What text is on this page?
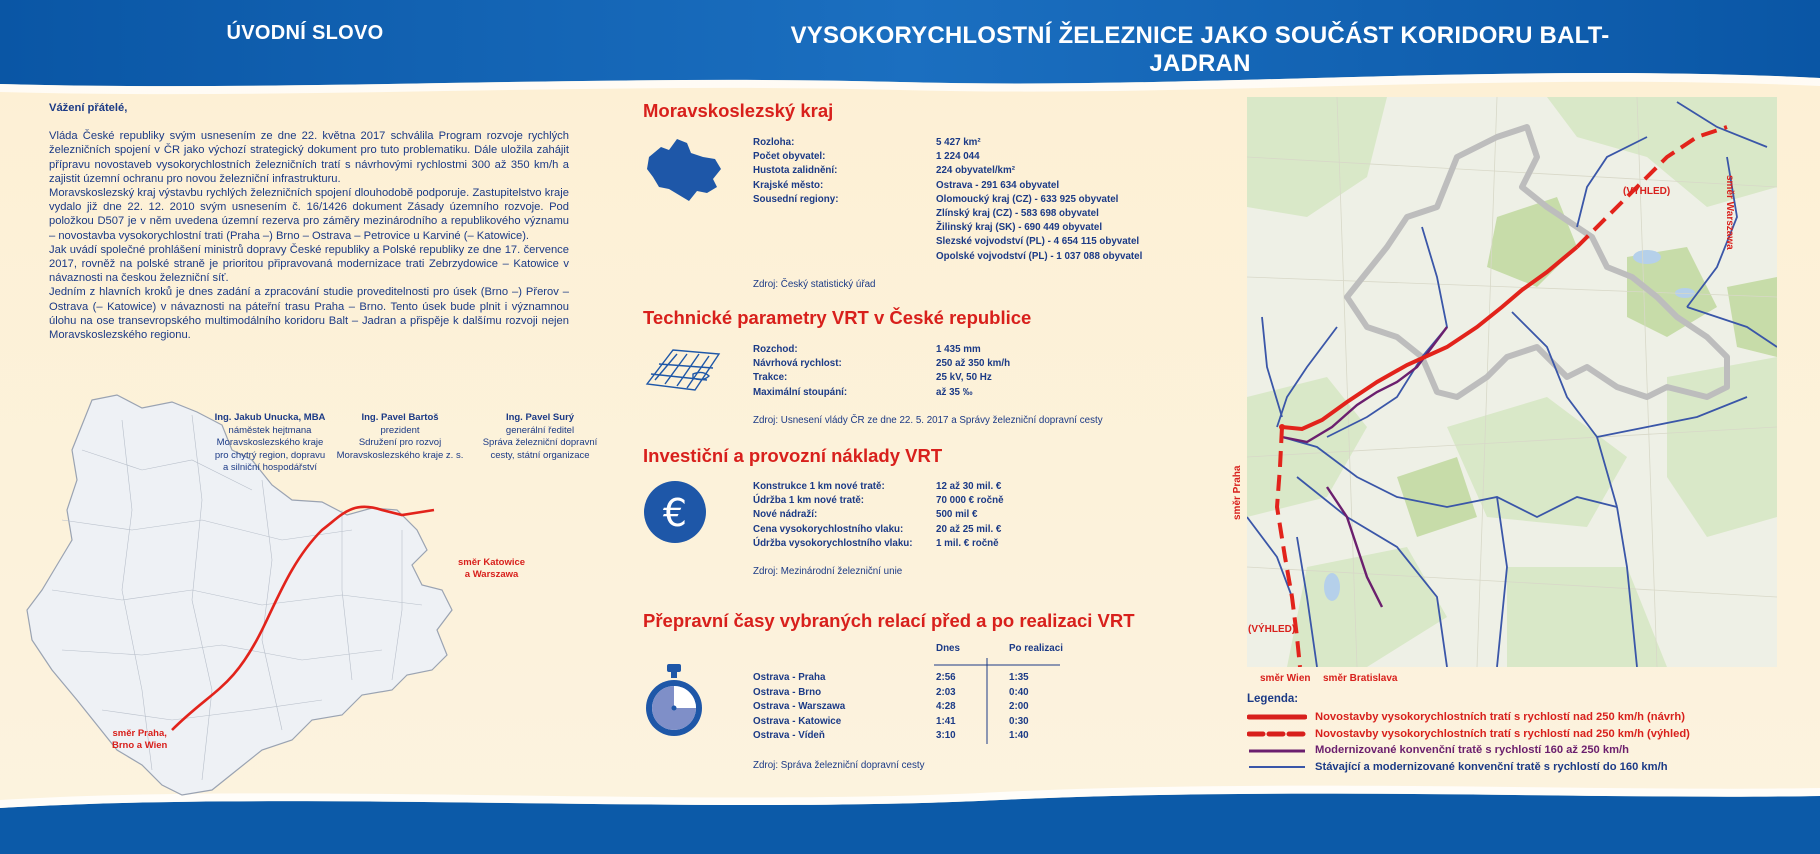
ÚVODNÍ SLOVO	VYSOKORYCHLOSTNÍ ŽELEZNICE JAKO SOUČÁST KORIDORU BALT-JADRAN
Vážení přátelé,

Vláda České republiky svým usnesením ze dne 22. května 2017 schválila Program rozvoje rychlých železničních spojení v ČR jako výchozí strategický dokument pro tuto problematiku. Dále uložila zahájit přípravu novostaveb vysokorychlostních železničních tratí s návrhovými rychlostmi 300 až 350 km/h a zajistit územní ochranu pro novou železniční infrastrukturu.

Moravskoslezský kraj výstavbu rychlých železničních spojení dlouhodobě podporuje. Zastupitelstvo kraje vydalo již dne 22. 12. 2010 svým usnesením č. 16/1426 dokument Zásady územního rozvoje. Pod položkou D507 je v něm uvedena územní rezerva pro záměry mezinárodního a republikového významu – novostavba vysokorychlostní trati (Praha –) Brno – Ostrava – Petrovice u Karviné (– Katowice).

Jak uvádí společné prohlášení ministrů dopravy České republiky a Polské republiky ze dne 17. července 2017, rovněž na polské straně je prioritou připravovaná modernizace trati Zebrzydowice – Katowice v návaznosti na českou železniční síť.

Jedním z hlavních kroků je dnes zadání a zpracování studie proveditelnosti pro úsek (Brno –) Přerov – Ostrava (– Katowice) v návaznosti na páteřní trasu Praha – Brno. Tento úsek bude plnit i významnou úlohu na ose transevropského multimodálního koridoru Balt – Jadran a přispěje k dalšímu rozvoji nejen Moravskoslezského regionu.

směr Katowice
a Warszawa
směr Praha,
Brno a Wien
Ing. Jakub Unucka, MBA
náměstek hejtmana
Moravskoslezského kraje
pro chytrý region, dopravu
a silniční hospodářství
Ing. Pavel Bartoš
prezident
Sdružení pro rozvoj
Moravskoslezského kraje z. s.
Ing. Pavel Surý
generální ředitel
Správa železniční dopravní
cesty, státní organizace
Moravskoslezský kraj
Rozloha:	5 427 km²
Počet obyvatel:	1 224 044
Hustota zalidnění:	224 obyvatel/km²
Krajské město:	Ostrava - 291 634 obyvatel
Sousední regiony:	Olomoucký kraj (CZ) - 633 925 obyvatel
Zlínský kraj (CZ) - 583 698 obyvatel
Žilinský kraj (SK) - 690 449 obyvatel
Slezské vojvodství (PL) - 4 654 115 obyvatel
Opolské vojvodství (PL) - 1 037 088 obyvatel
Zdroj: Český statistický úřad
Technické parametry VRT v České republice
Rozchod:	1 435 mm
Návrhová rychlost:	250 až 350 km/h
Trakce:	25 kV, 50 Hz
Maximální stoupání:	až 35 ‰
Zdroj: Usnesení vlády ČR ze dne 22. 5. 2017 a Správy železniční dopravní cesty
Investiční a provozní náklady VRT
€
Konstrukce 1 km nové tratě:	12 až 30 mil. €
Údržba 1 km nové tratě:	70 000 € ročně
Nové nádraží:	500 mil €
Cena vysokorychlostního vlaku:	20 až 25 mil. €
Údržba vysokorychlostního vlaku:	1 mil. € ročně
Zdroj: Mezinárodní železniční unie
Přepravní časy vybraných relací před a po realizaci VRT
Dnes	Po realizaci
Ostrava - Praha	2:56	1:35
Ostrava - Brno	2:03	0:40
Ostrava - Warszawa	4:28	2:00
Ostrava - Katowice	1:41	0:30
Ostrava - Vídeň	3:10	1:40
Zdroj: Správa železniční dopravní cesty
(VÝHLED)
(VÝHLED)
směr Warszawa
směr Praha
směr Wien směr Bratislava
Legenda:
Novostavby vysokorychlostních tratí s rychlostí nad 250 km/h (návrh)
Novostavby vysokorychlostních tratí s rychlostí nad 250 km/h (výhled)
Modernizované konvenční tratě s rychlostí 160 až 250 km/h
Stávající a modernizované konvenční tratě s rychlostí do 160 km/h
